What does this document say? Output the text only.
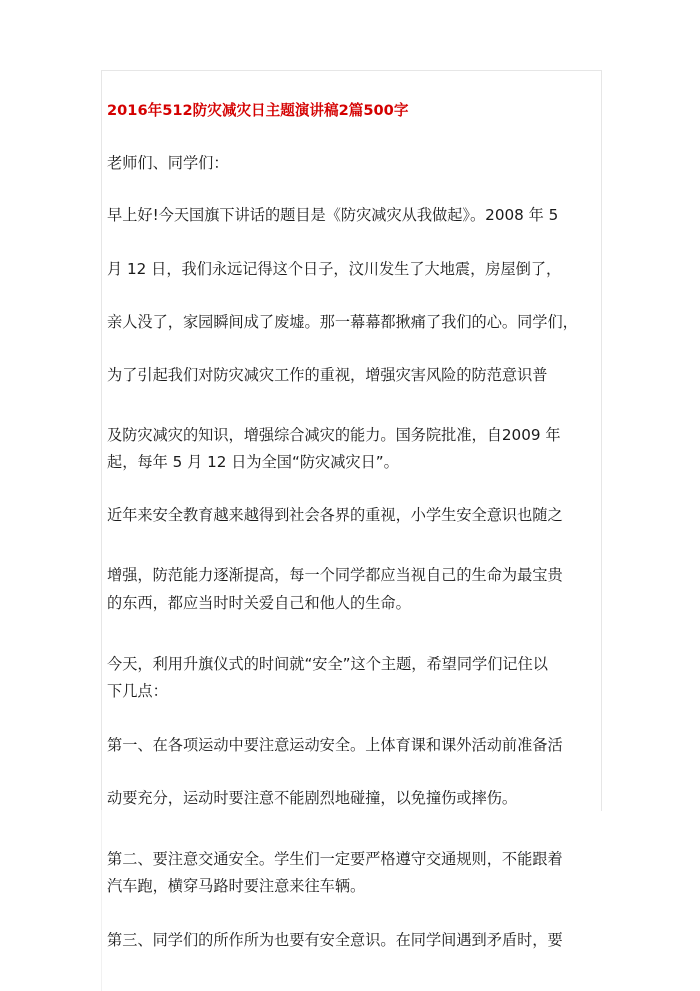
2016年512防灾减灾日主题演讲稿2篇500字
老师们、同学们：
早上好!今天国旗下讲话的题目是《防灾减灾从我做起》。2008 年 5
月 12 日，我们永远记得这个日子，汶川发生了大地震，房屋倒了，
亲人没了，家园瞬间成了废墟。那一幕幕都揪痛了我们的心。同学们，
为了引起我们对防灾减灾工作的重视，增强灾害风险的防范意识普
及防灾减灾的知识，增强综合减灾的能力。国务院批准，自2009 年
起，每年 5 月 12 日为全国“防灾减灾日”。
近年来安全教育越来越得到社会各界的重视，小学生安全意识也随之
增强，防范能力逐渐提高，每一个同学都应当视自己的生命为最宝贵
的东西，都应当时时关爱自己和他人的生命。
今天，利用升旗仪式的时间就“安全”这个主题，希望同学们记住以
下几点：
第一、在各项运动中要注意运动安全。上体育课和课外活动前准备活
动要充分，运动时要注意不能剧烈地碰撞，以免撞伤或摔伤。
第二、要注意交通安全。学生们一定要严格遵守交通规则，不能跟着
汽车跑，横穿马路时要注意来往车辆。
第三、同学们的所作所为也要有安全意识。在同学间遇到矛盾时，要
